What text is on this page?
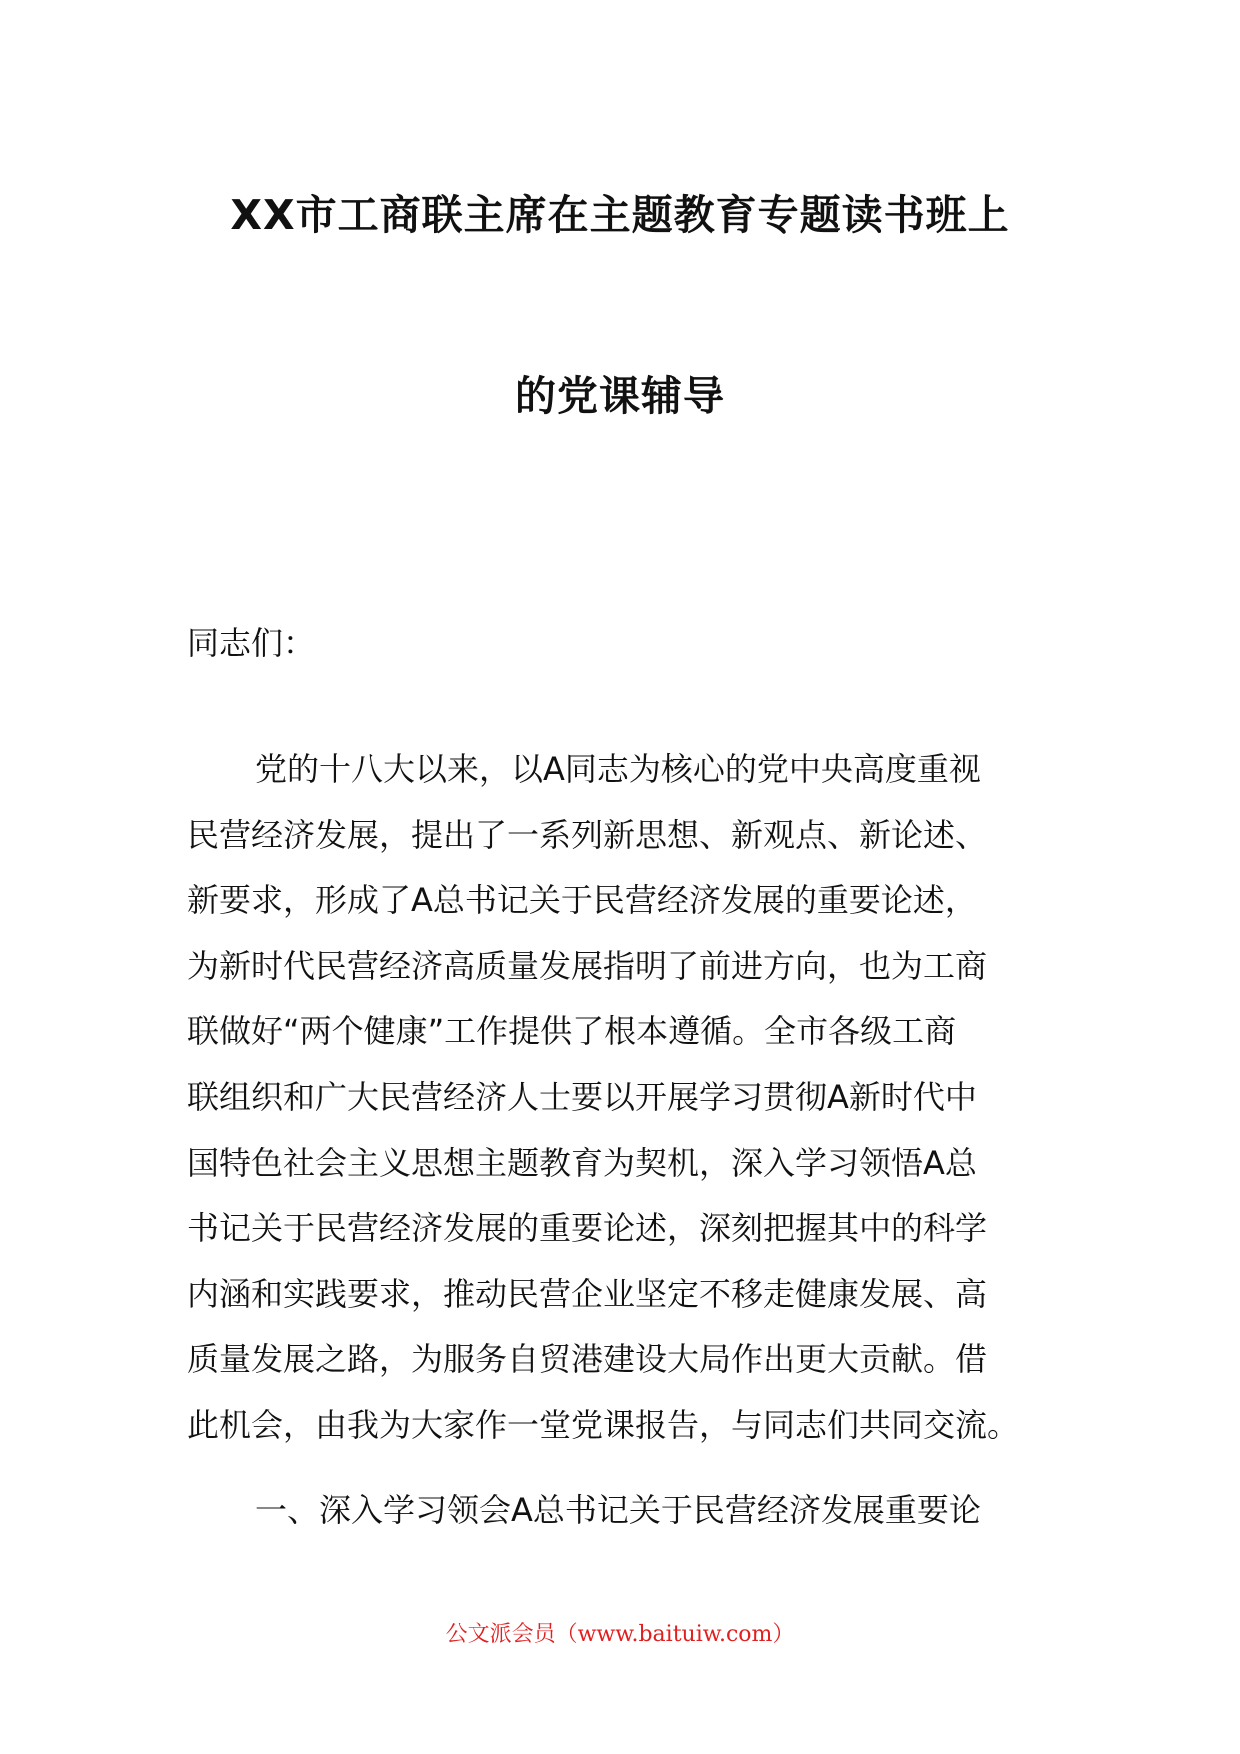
XX市工商联主席在主题教育专题读书班上
的党课辅导
同志们：
党的十八大以来，以A同志为核心的党中央高度重视
民营经济发展，提出了一系列新思想、新观点、新论述、
新要求，形成了A总书记关于民营经济发展的重要论述，
为新时代民营经济高质量发展指明了前进方向，也为工商
联做好“两个健康”工作提供了根本遵循。全市各级工商
联组织和广大民营经济人士要以开展学习贯彻A新时代中
国特色社会主义思想主题教育为契机，深入学习领悟A总
书记关于民营经济发展的重要论述，深刻把握其中的科学
内涵和实践要求，推动民营企业坚定不移走健康发展、高
质量发展之路，为服务自贸港建设大局作出更大贡献。借
此机会，由我为大家作一堂党课报告，与同志们共同交流。
一、深入学习领会A总书记关于民营经济发展重要论
公文派会员（www.baituiw.com）
